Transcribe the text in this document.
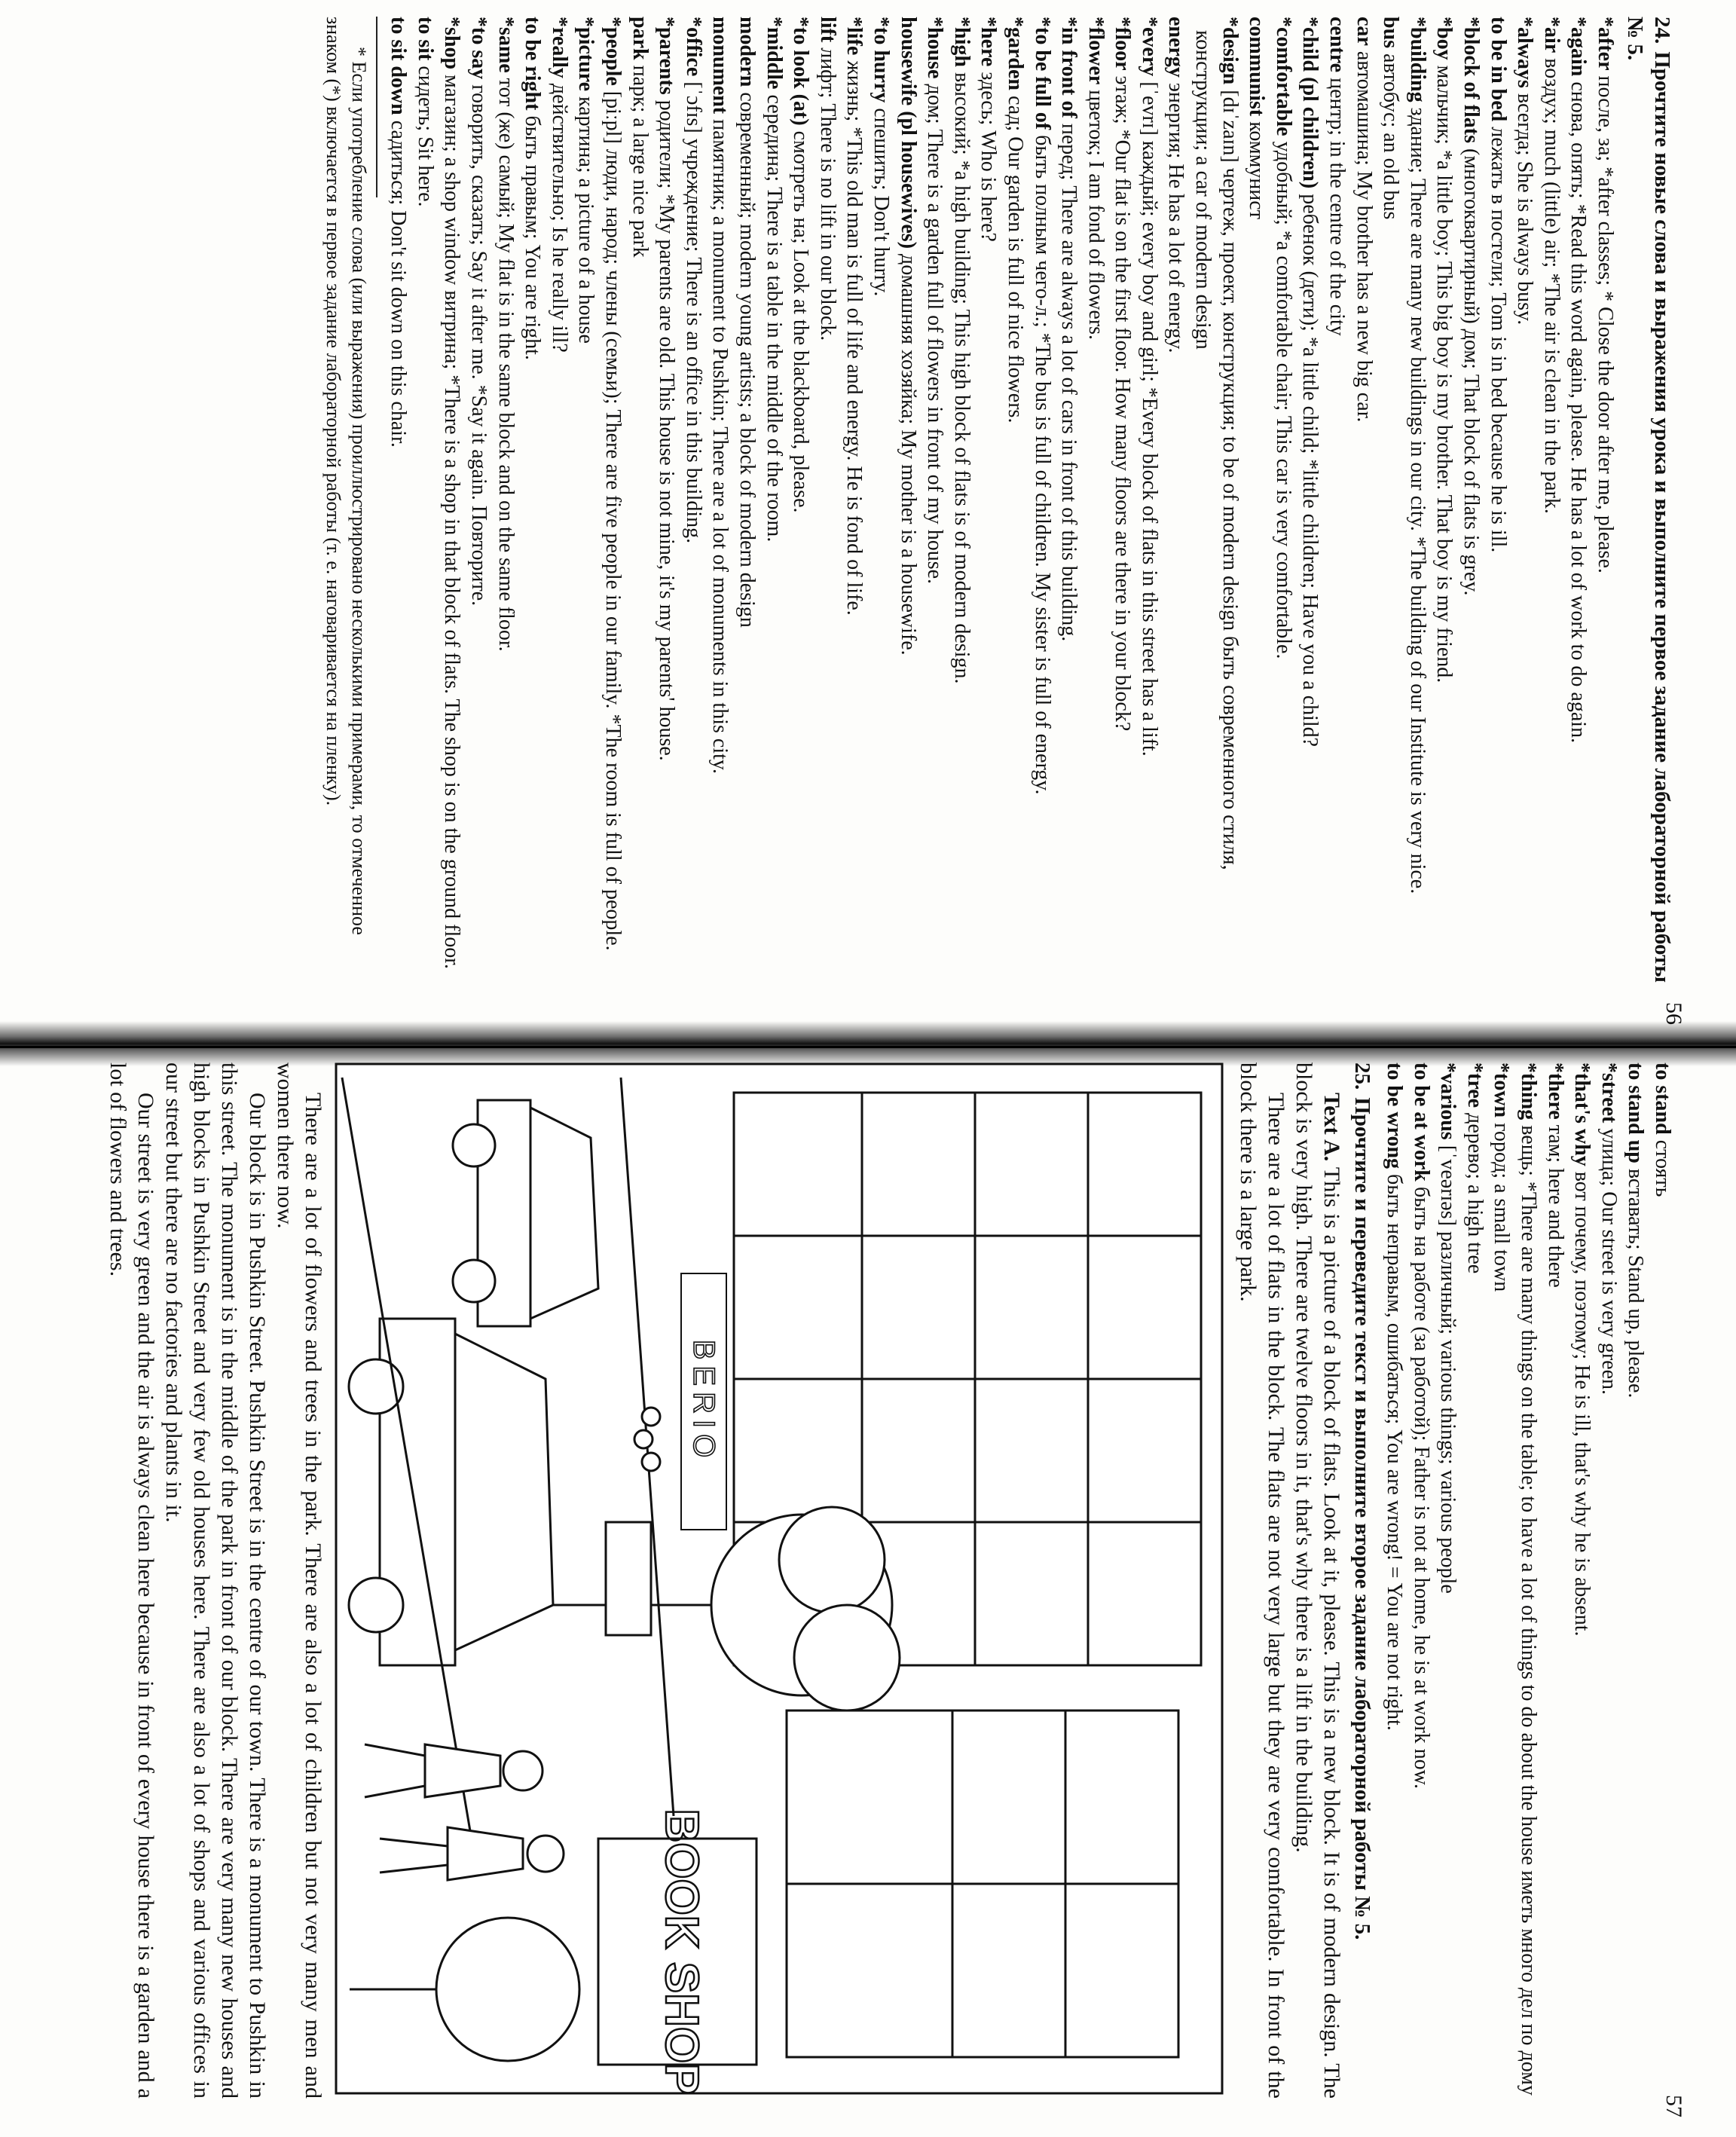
24.Прочтите новые слова и выражения урока и выполните первое задание лабораторной работы № 5.

*after после, за; *after classes; * Close the door after me, please.

*again снова, опять; *Read this word again, please. He has a lot of work to do again.

*air воздух; much (little) air; *The air is clean in the park.

*always всегда; She is always busy.

to be in bed лежать в постели; Tom is in bed because he is ill.

*block of flats (многоквартирный) дом; That block of flats is grey.

*boy мальчик; *a little boy; This big boy is my brother. That boy is my friend.

*building здание; There are many new buildings in our city. *The building of our Institute is very nice.

bus автобус; an old bus

car автомашина; My brother has a new big car.

centre центр; in the centre of the city

*child (pl children) ребенок (дети); *a little child; *little children; Have you a child?

*comfortable удобный; *a comfortable chair; This car is very comfortable.

communist коммунист

*design [dɪˈzaɪn] чертеж, проект, конструкция; to be of modern design быть современного стиля, конструкции; a car of modern design

energy энергия; He has a lot of energy.

*every [ˈevrɪ] каждый; every boy and girl; *Every block of flats in this street has a lift.

*floor этаж; *Our flat is on the first floor. How many floors are there in your block?

*flower цветок; I am fond of flowers.

*in front of перед; There are always a lot of cars in front of this building.

*to be full of быть полным чего-л.; *The bus is full of children. My sister is full of energy.

*garden сад; Our garden is full of nice flowers.

*here здесь; Who is here?

*high высокий; *a high building; This high block of flats is of modern design.

*house дом; There is a garden full of flowers in front of my house.

housewife (pl housewives) домашняя хозяйка; My mother is a housewife.

*to hurry спешить; Don't hurry.

*life жизнь; *This old man is full of life and energy. He is fond of life.

lift лифт; There is no lift in our block.

*to look (at) смотреть на; Look at the blackboard, please.

*middle середина; There is a table in the middle of the room.

modern современный; modern young artists; a block of modern design

monument памятник; a monument to Pushkin; There are a lot of monuments in this city.

*office [ˈɔfɪs] учреждение; There is an office in this building.

*parents родители; *My parents are old. This house is not mine, it's my parents' house.

park парк; a large nice park

*people [piːpl] люди, народ; члены (семьи); There are five people in our family. *The room is full of people.

*picture картина; a picture of a house

*really действительно; Is he really ill?

to be right быть правым; You are right.

*same тот (же) самый; My flat is in the same block and on the same floor.

*to say говорить, сказать; Say it after me. *Say it again. Повторите.

*shop магазин; a shop window витрина; *There is a shop in that block of flats. The shop is on the ground floor.

to sit сидеть; Sit here.

to sit down садиться; Don't sit down on this chair.

* Если употребление слова (или выражения) проиллюстрировано несколькими примерами, то отмеченное знаком (*) включается в первое задание лабораторной работы (т. е. наговаривается на пленку).

to stand стоять

to stand up вставать; Stand up, please.

*street улица; Our street is very green.

*that's why вот почему, поэтому; He is ill, that's why he is absent.

*there там; here and there

*thing вещь; *There are many things on the table; to have a lot of things to do about the house иметь много дел по дому

*town город; a small town

*tree дерево; a high tree

*various [ˈveərɪəs] различный; various things; various people

to be at work быть на работе (за работой); Father is not at home, he is at work now.

to be wrong быть неправым, ошибаться; You are wrong! = You are not right.

25.Прочтите и переведите текст и выполните второе задание лабораторной работы № 5.

Text A. This is a picture of a block of flats. Look at it, please. This is a new block. It is of modern design. The block is very high. There are twelve floors in it, that's why there is a lift in the building.

There are a lot of flats in the block. The flats are not very large but they are very comfortable. In front of the block there is a large park.

BOOK SHOP
BERIO

There are a lot of flowers and trees in the park. There are also a lot of children but not very many men and women there now.

Our block is in Pushkin Street. Pushkin Street is in the centre of our town. There is a monument to Pushkin in this street. The monument is in the middle of the park in front of our block. There are very many new houses and high blocks in Pushkin Street and very few old houses here. There are also a lot of shops and various offices in our street but there are no factories and plants in it.

Our street is very green and the air is always clean here because in front of every house there is a garden and a lot of flowers and trees.

56
57
